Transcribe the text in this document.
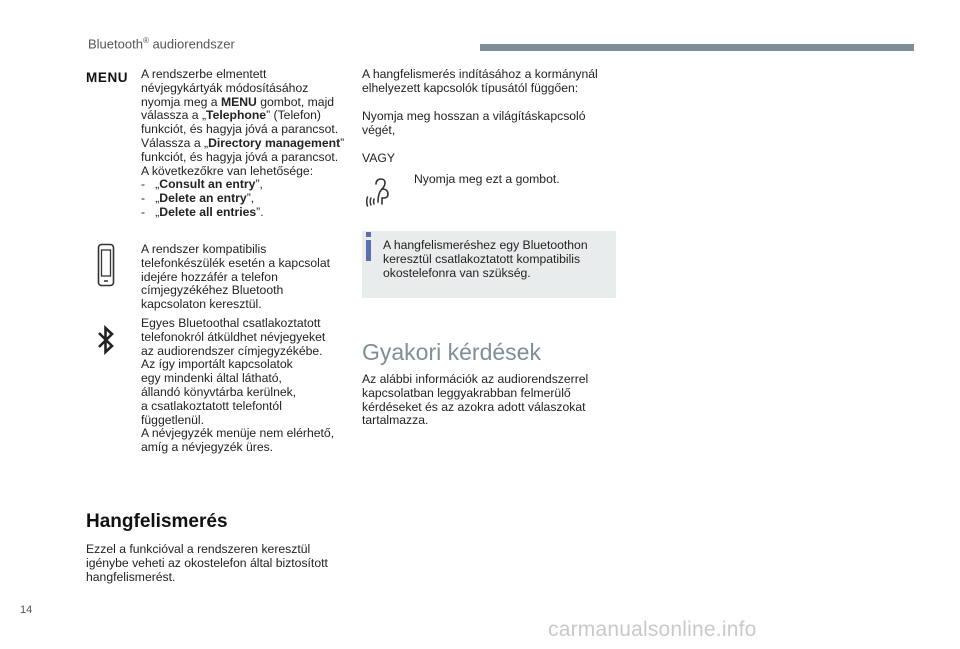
Bluetooth® audiorendszer
MENU A rendszerbe elmentett

névjegykártyák módosításához

nyomja meg a MENU gombot, majd

válassza a „Telephone” (Telefon)

funkciót, és hagyja jóvá a parancsot.

Válassza a „Directory management”

funkciót, és hagyja jóvá a parancsot.

A következőkre van lehetősége:

- „Consult an entry”,

- „Delete an entry”,

- „Delete all entries”.

A rendszer kompatibilis

telefonkészülék esetén a kapcsolat

idejére hozzáfér a telefon

címjegyzékéhez Bluetooth

kapcsolaton keresztül.

Egyes Bluetoothal csatlakoztatott

telefonokról átküldhet névjegyeket

az audiorendszer címjegyzékébe.

Az így importált kapcsolatok

egy mindenki által látható,

állandó könyvtárba kerülnek,

a csatlakoztatott telefontól

függetlenül.

A névjegyzék menüje nem elérhető,

amíg a névjegyzék üres.

Hangfelismerés

Ezzel a funkcióval a rendszeren keresztül

igénybe veheti az okostelefon által biztosított

hangfelismerést.

A hangfelismerés indításához a kormánynál

elhelyezett kapcsolók típusától függően:

Nyomja meg hosszan a világításkapcsoló

végét,

VAGY
Nyomja meg ezt a gombot.

A hangfelismeréshez egy Bluetoothon

keresztül csatlakoztatott kompatibilis

okostelefonra van szükség.

Gyakori kérdések

Az alábbi információk az audiorendszerrel

kapcsolatban leggyakrabban felmerülő

kérdéseket és az azokra adott válaszokat

tartalmazza.

14
carmanualsonline.info
